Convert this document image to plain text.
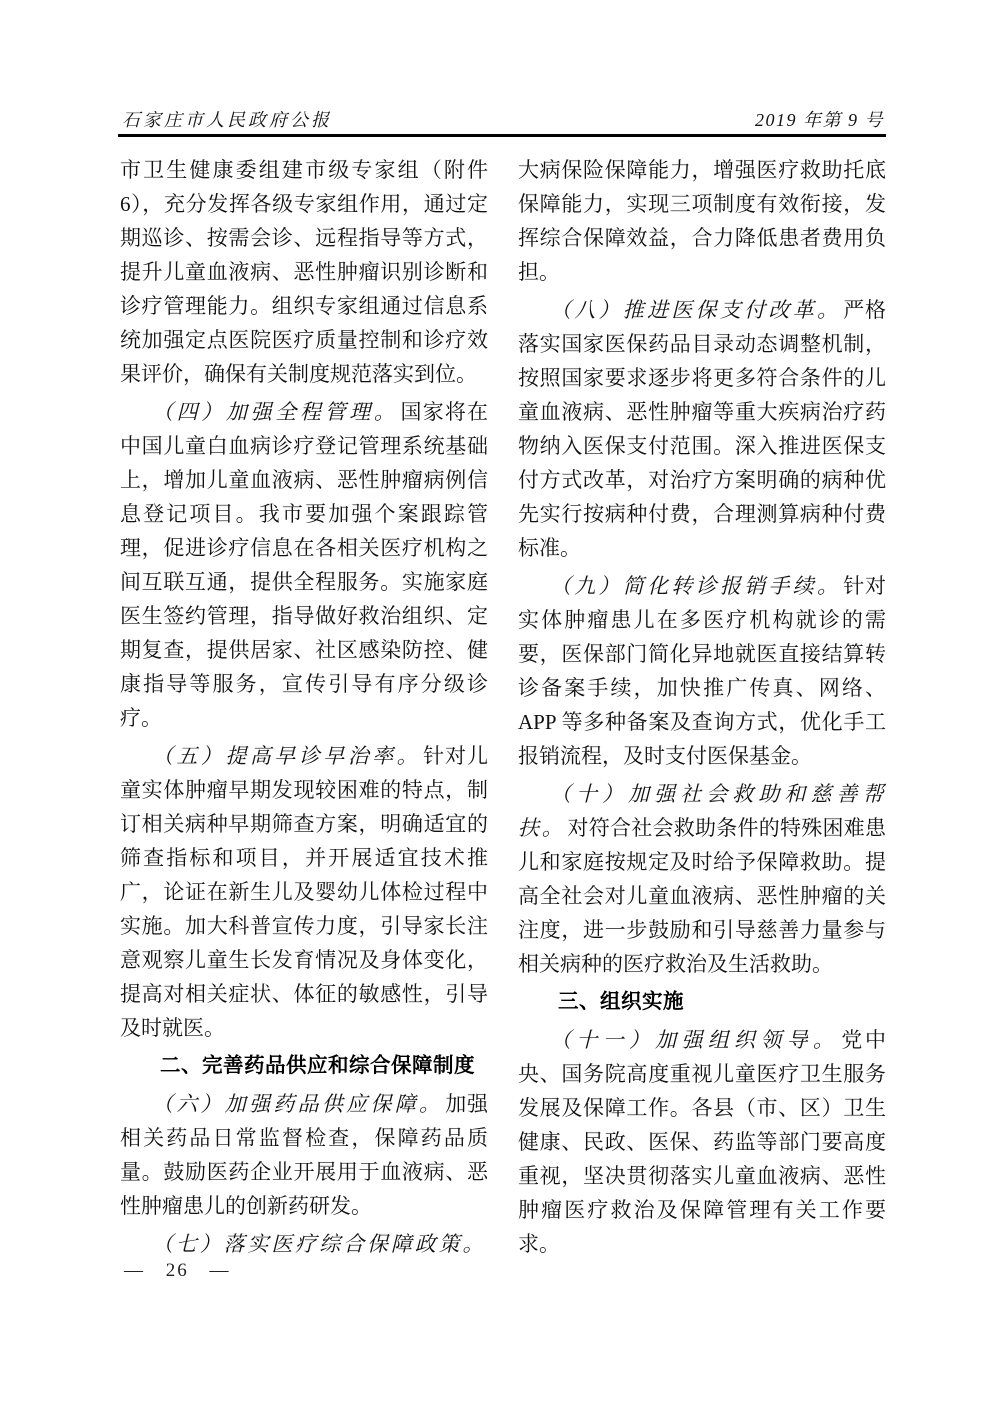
石家庄市人民政府公报	2019 年第 9 号

市卫生健康委组建市级专家组（附件 6），充分发挥各级专家组作用，通过定期巡诊、按需会诊、远程指导等方式，提升儿童血液病、恶性肿瘤识别诊断和诊疗管理能力。组织专家组通过信息系统加强定点医院医疗质量控制和诊疗效果评价，确保有关制度规范落实到位。

（四）加强全程管理。国家将在中国儿童白血病诊疗登记管理系统基础上，增加儿童血液病、恶性肿瘤病例信息登记项目。我市要加强个案跟踪管理，促进诊疗信息在各相关医疗机构之间互联互通，提供全程服务。实施家庭医生签约管理，指导做好救治组织、定期复查，提供居家、社区感染防控、健康指导等服务，宣传引导有序分级诊疗。

（五）提高早诊早治率。针对儿童实体肿瘤早期发现较困难的特点，制订相关病种早期筛查方案，明确适宜的筛查指标和项目，并开展适宜技术推广，论证在新生儿及婴幼儿体检过程中实施。加大科普宣传力度，引导家长注意观察儿童生长发育情况及身体变化，提高对相关症状、体征的敏感性，引导及时就医。

二、完善药品供应和综合保障制度

（六）加强药品供应保障。加强相关药品日常监督检查，保障药品质量。鼓励医药企业开展用于血液病、恶性肿瘤患儿的创新药研发。

（七）落实医疗综合保障政策。

大病保险保障能力，增强医疗救助托底保障能力，实现三项制度有效衔接，发挥综合保障效益，合力降低患者费用负担。

（八）推进医保支付改革。严格落实国家医保药品目录动态调整机制，按照国家要求逐步将更多符合条件的儿童血液病、恶性肿瘤等重大疾病治疗药物纳入医保支付范围。深入推进医保支付方式改革，对治疗方案明确的病种优先实行按病种付费，合理测算病种付费标准。

（九）简化转诊报销手续。针对实体肿瘤患儿在多医疗机构就诊的需要，医保部门简化异地就医直接结算转诊备案手续，加快推广传真、网络、APP 等多种备案及查询方式，优化手工报销流程，及时支付医保基金。

（十）加强社会救助和慈善帮扶。对符合社会救助条件的特殊困难患儿和家庭按规定及时给予保障救助。提高全社会对儿童血液病、恶性肿瘤的关注度，进一步鼓励和引导慈善力量参与相关病种的医疗救治及生活救助。

三、组织实施

（十一）加强组织领导。党中央、国务院高度重视儿童医疗卫生服务发展及保障工作。各县（市、区）卫生健康、民政、医保、药监等部门要高度重视，坚决贯彻落实儿童血液病、恶性肿瘤医疗救治及保障管理有关工作要求。

— 26 —
